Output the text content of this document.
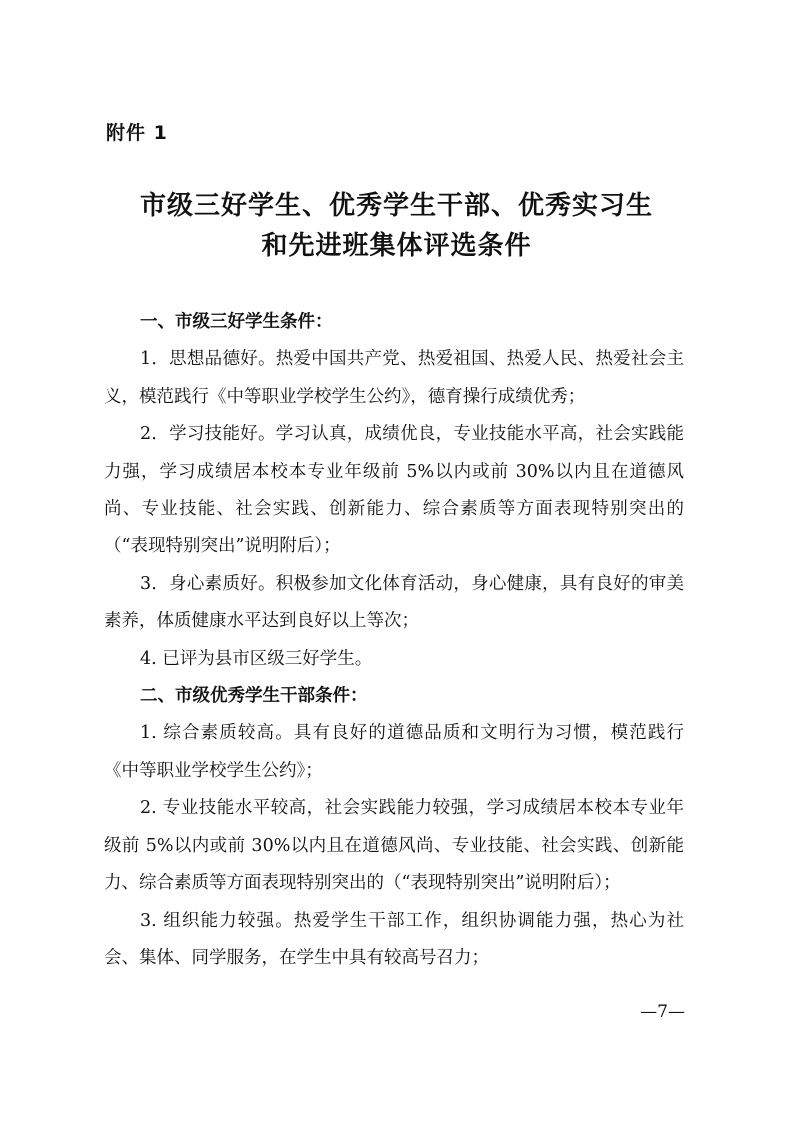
附件 1
市级三好学生、优秀学生干部、优秀实习生
和先进班集体评选条件

一、市级三好学生条件：

1．思想品德好。热爱中国共产党、热爱祖国、热爱人民、热爱社会主义，模范践行《中等职业学校学生公约》，德育操行成绩优秀；

2．学习技能好。学习认真，成绩优良，专业技能水平高，社会实践能力强，学习成绩居本校本专业年级前 5%以内或前 30%以内且在道德风尚、专业技能、社会实践、创新能力、综合素质等方面表现特别突出的（“表现特别突出”说明附后）；

3．身心素质好。积极参加文化体育活动，身心健康，具有良好的审美素养，体质健康水平达到良好以上等次；

4. 已评为县市区级三好学生。

二、市级优秀学生干部条件：

1. 综合素质较高。具有良好的道德品质和文明行为习惯，模范践行《中等职业学校学生公约》；

2. 专业技能水平较高，社会实践能力较强，学习成绩居本校本专业年级前 5%以内或前 30%以内且在道德风尚、专业技能、社会实践、创新能力、综合素质等方面表现特别突出的（“表现特别突出”说明附后）；

3. 组织能力较强。热爱学生干部工作，组织协调能力强，热心为社会、集体、同学服务，在学生中具有较高号召力；

—7—
